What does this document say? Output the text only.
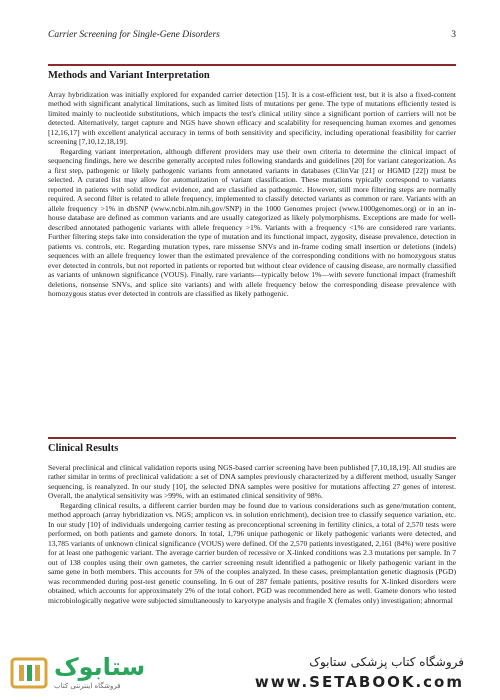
Carrier Screening for Single-Gene Disorders	3
Methods and Variant Interpretation

Array hybridization was initially explored for expanded carrier detection [15]. It is a cost-efficient test, but it is also a fixed-content method with significant analytical limitations, such as limited lists of mutations per gene. The type of mutations efficiently tested is limited mainly to nucleotide substitutions, which impacts the test's clinical utility since a significant portion of carriers will not be detected. Alternatively, target capture and NGS have shown efficacy and scalability for resequencing human exomes and genomes [12,16,17] with excellent analytical accuracy in terms of both sensitivity and specificity, including operational feasibility for carrier screening [7,10,12,18,19].

Regarding variant interpretation, although different providers may use their own criteria to determine the clinical impact of sequencing findings, here we describe generally accepted rules following standards and guidelines [20] for variant categorization. As a first step, pathogenic or likely pathogenic variants from annotated variants in databases (ClinVar [21] or HGMD [22]) must be selected. A curated list may allow for automatization of variant classification. These mutations typically correspond to variants reported in patients with solid medical evidence, and are classified as pathogenic. However, still more filtering steps are normally required. A second filter is related to allele frequency, implemented to classify detected variants as common or rare. Variants with an allele frequency >1% in dbSNP (www.ncbi.nlm.nih.gov/SNP) in the 1000 Genomes project (www.1000genomes.org) or in an in-house database are defined as common variants and are usually categorized as likely polymorphisms. Exceptions are made for well-described annotated pathogenic variants with allele frequency >1%. Variants with a frequency <1% are considered rare variants. Further filtering steps take into consideration the type of mutation and its functional impact, zygosity, disease prevalence, detection in patients vs. controls, etc. Regarding mutation types, rare missense SNVs and in-frame coding small insertion or deletions (indels) sequences with an allele frequency lower than the estimated prevalence of the corresponding conditions with no homozygous status ever detected in controls, but not reported in patients or reported but without clear evidence of causing disease, are normally classified as variants of unknown significance (VOUS). Finally, rare variants—typically below 1%—with severe functional impact (frameshift deletions, nonsense SNVs, and splice site variants) and with allele frequency below the corresponding disease prevalence with homozygous status ever detected in controls are classified as likely pathogenic.

Clinical Results

Several preclinical and clinical validation reports using NGS-based carrier screening have been published [7,10,18,19]. All studies are rather similar in terms of preclinical validation: a set of DNA samples previously characterized by a different method, usually Sanger sequencing, is reanalyzed. In our study [10], the selected DNA samples were positive for mutations affecting 27 genes of interest. Overall, the analytical sensitivity was >99%, with an estimated clinical sensitivity of 98%.

Regarding clinical results, a different carrier burden may be found due to various considerations such as gene/mutation content, method approach (array hybridization vs. NGS; amplicon vs. in solution enrichment), decision tree to classify sequence variation, etc. In our study [10] of individuals undergoing carrier testing as preconceptional screening in fertility clinics, a total of 2,570 tests were performed, on both patients and gamete donors. In total, 1,796 unique pathogenic or likely pathogenic variants were detected, and 13,785 variants of unknown clinical significance (VOUS) were defined. Of the 2,570 patients investigated, 2,161 (84%) were positive for at least one pathogenic variant. The average carrier burden of recessive or X-linked conditions was 2.3 mutations per sample. In 7 out of 138 couples using their own gametes, the carrier screening result identified a pathogenic or likely pathogenic variant in the same gene in both members. This accounts for 5% of the couples analyzed. In these cases, preimplantation genetic diagnosis (PGD) was recommended during post-test genetic counseling. In 6 out of 287 female patients, positive results for X-linked disorders were obtained, which accounts for approximately 2% of the total cohort. PGD was recommended here as well. Gamete donors who tested microbiologically negative were subjected simultaneously to karyotype analysis and fragile X (females only) investigation; abnormal

ستابوک
فروشگاه اینترنتی کتاب
فروشگاه کتاب پزشکی ستابوک
www.SETABOOK.com
